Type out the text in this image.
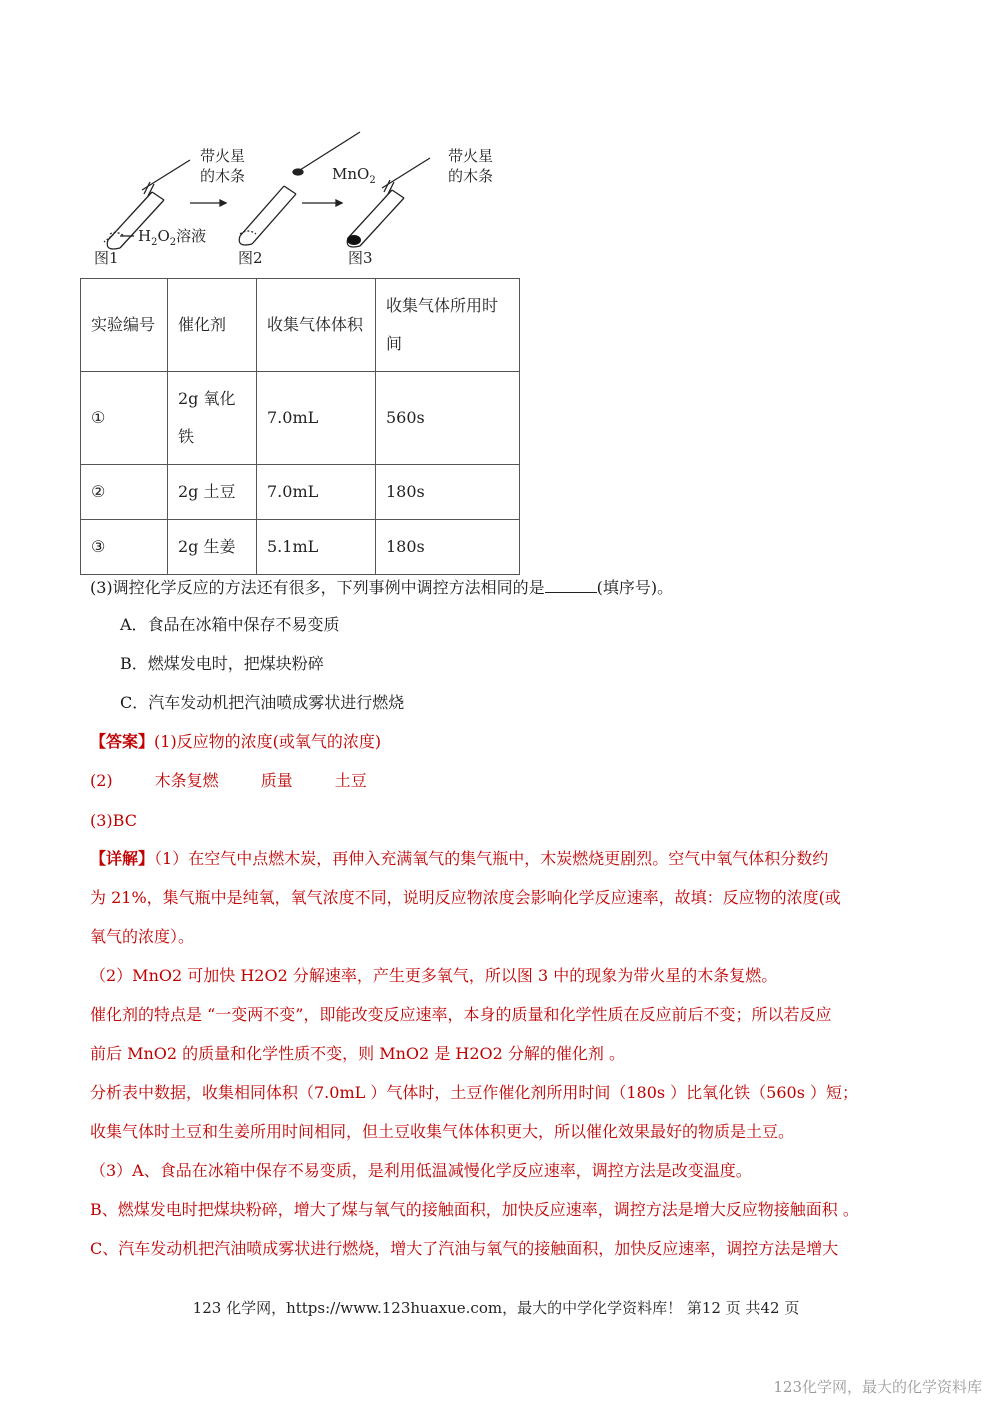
带火星
的木条
$H_2O_2$溶液
MnO$_2$
带火星
的木条
图1	图2	图3
实验编号	催化剂	收集气体体积	收集气体所用时间
①	2g 氧化铁	7.0mL	560s
②	2g 土豆	7.0mL	180s
③	2g 生姜	5.1mL	180s
(3)调控化学反应的方法还有很多，下列事例中调控方法相同的是	(填序号)。
A．食品在冰箱中保存不易变质
B．燃煤发电时，把煤块粉碎
C．汽车发动机把汽油喷成雾状进行燃烧
【答案】(1)反应物的浓度(或氧气的浓度)
(2)	木条复燃	质量	土豆
(3)BC
【详解】（1）在空气中点燃木炭，再伸入充满氧气的集气瓶中，木炭燃烧更剧烈。空气中氧气体积分数约
为 21%，集气瓶中是纯氧，氧气浓度不同，说明反应物浓度会影响化学反应速率，故填：反应物的浓度(或
氧气的浓度）。
（2）MnO2 可加快 H2O2 分解速率，产生更多氧气，所以图 3 中的现象为带火星的木条复燃。
催化剂的特点是 “一变两不变”，即能改变反应速率，本身的质量和化学性质在反应前后不变；所以若反应
前后 MnO2 的质量和化学性质不变，则 MnO2 是 H2O2 分解的催化剂 。
分析表中数据，收集相同体积（7.0mL ）气体时，土豆作催化剂所用时间（180s ）比氧化铁（560s ）短；
收集气体时土豆和生姜所用时间相同，但土豆收集气体体积更大，所以催化效果最好的物质是土豆。
（3）A、食品在冰箱中保存不易变质，是利用低温减慢化学反应速率，调控方法是改变温度。
B、燃煤发电时把煤块粉碎，增大了煤与氧气的接触面积，加快反应速率，调控方法是增大反应物接触面积 。
C、汽车发动机把汽油喷成雾状进行燃烧，增大了汽油与氧气的接触面积，加快反应速率，调控方法是增大
123 化学网，https://www.123huaxue.com，最大的中学化学资料库！ 第12 页 共42 页
123化学网，最大的化学资料库
